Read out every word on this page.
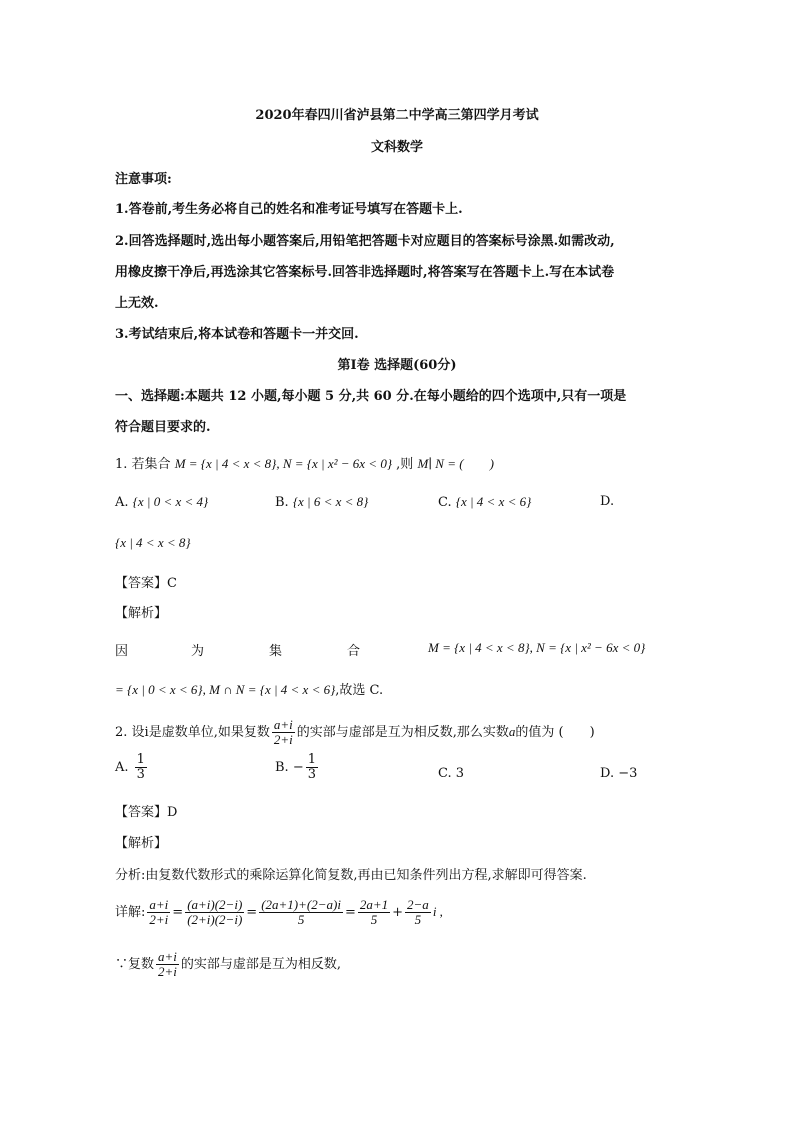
2020年春四川省泸县第二中学高三第四学月考试
文科数学
注意事项:
1.答卷前,考生务必将自己的姓名和准考证号填写在答题卡上.
2.回答选择题时,选出每小题答案后,用铅笔把答题卡对应题目的答案标号涂黑.如需改动,
用橡皮擦干净后,再选涂其它答案标号.回答非选择题时,将答案写在答题卡上.写在本试卷
上无效.
3.考试结束后,将本试卷和答题卡一并交回.
第Ⅰ卷 选择题(60分)
一、选择题:本题共 12 小题,每小题 5 分,共 60 分.在每小题给的四个选项中,只有一项是
符合题目要求的.
1. 若集合 M = {x | 4 < x < 8}, N = {x | x² − 6x < 0} ,则 M∣ N = (　　)
A. {x | 0 < x < 4}	B. {x | 6 < x < 8}	C. {x | 4 < x < 6}	D.
{x | 4 < x < 8}
【答案】C
【解析】
因	为	集	合	M = {x | 4 < x < 8}, N = {x | x² − 6x < 0}
= {x | 0 < x < 6}, M ∩ N = {x | 4 < x < 6},故选 C.
2. 设i是虚数单位,如果复数 $\frac{a+i}{2+i}$ 的实部与虚部是互为相反数,那么实数a的值为 (　　)
A. $\frac{1}{3}$	B. − $\frac{1}{3}$	C. 3	D. −3
【答案】D
【解析】
分析:由复数代数形式的乘除运算化简复数,再由已知条件列出方程,求解即可得答案.
详解: $\frac{a+i}{2+i} = \frac{(a+i)(2-i)}{(2+i)(2-i)} = \frac{(2a+1)+(2-a)i}{5} = \frac{2a+1}{5} + \frac{2-a}{5}$ i ,
∵复数 $\frac{a+i}{2+i}$ 的实部与虚部是互为相反数,
